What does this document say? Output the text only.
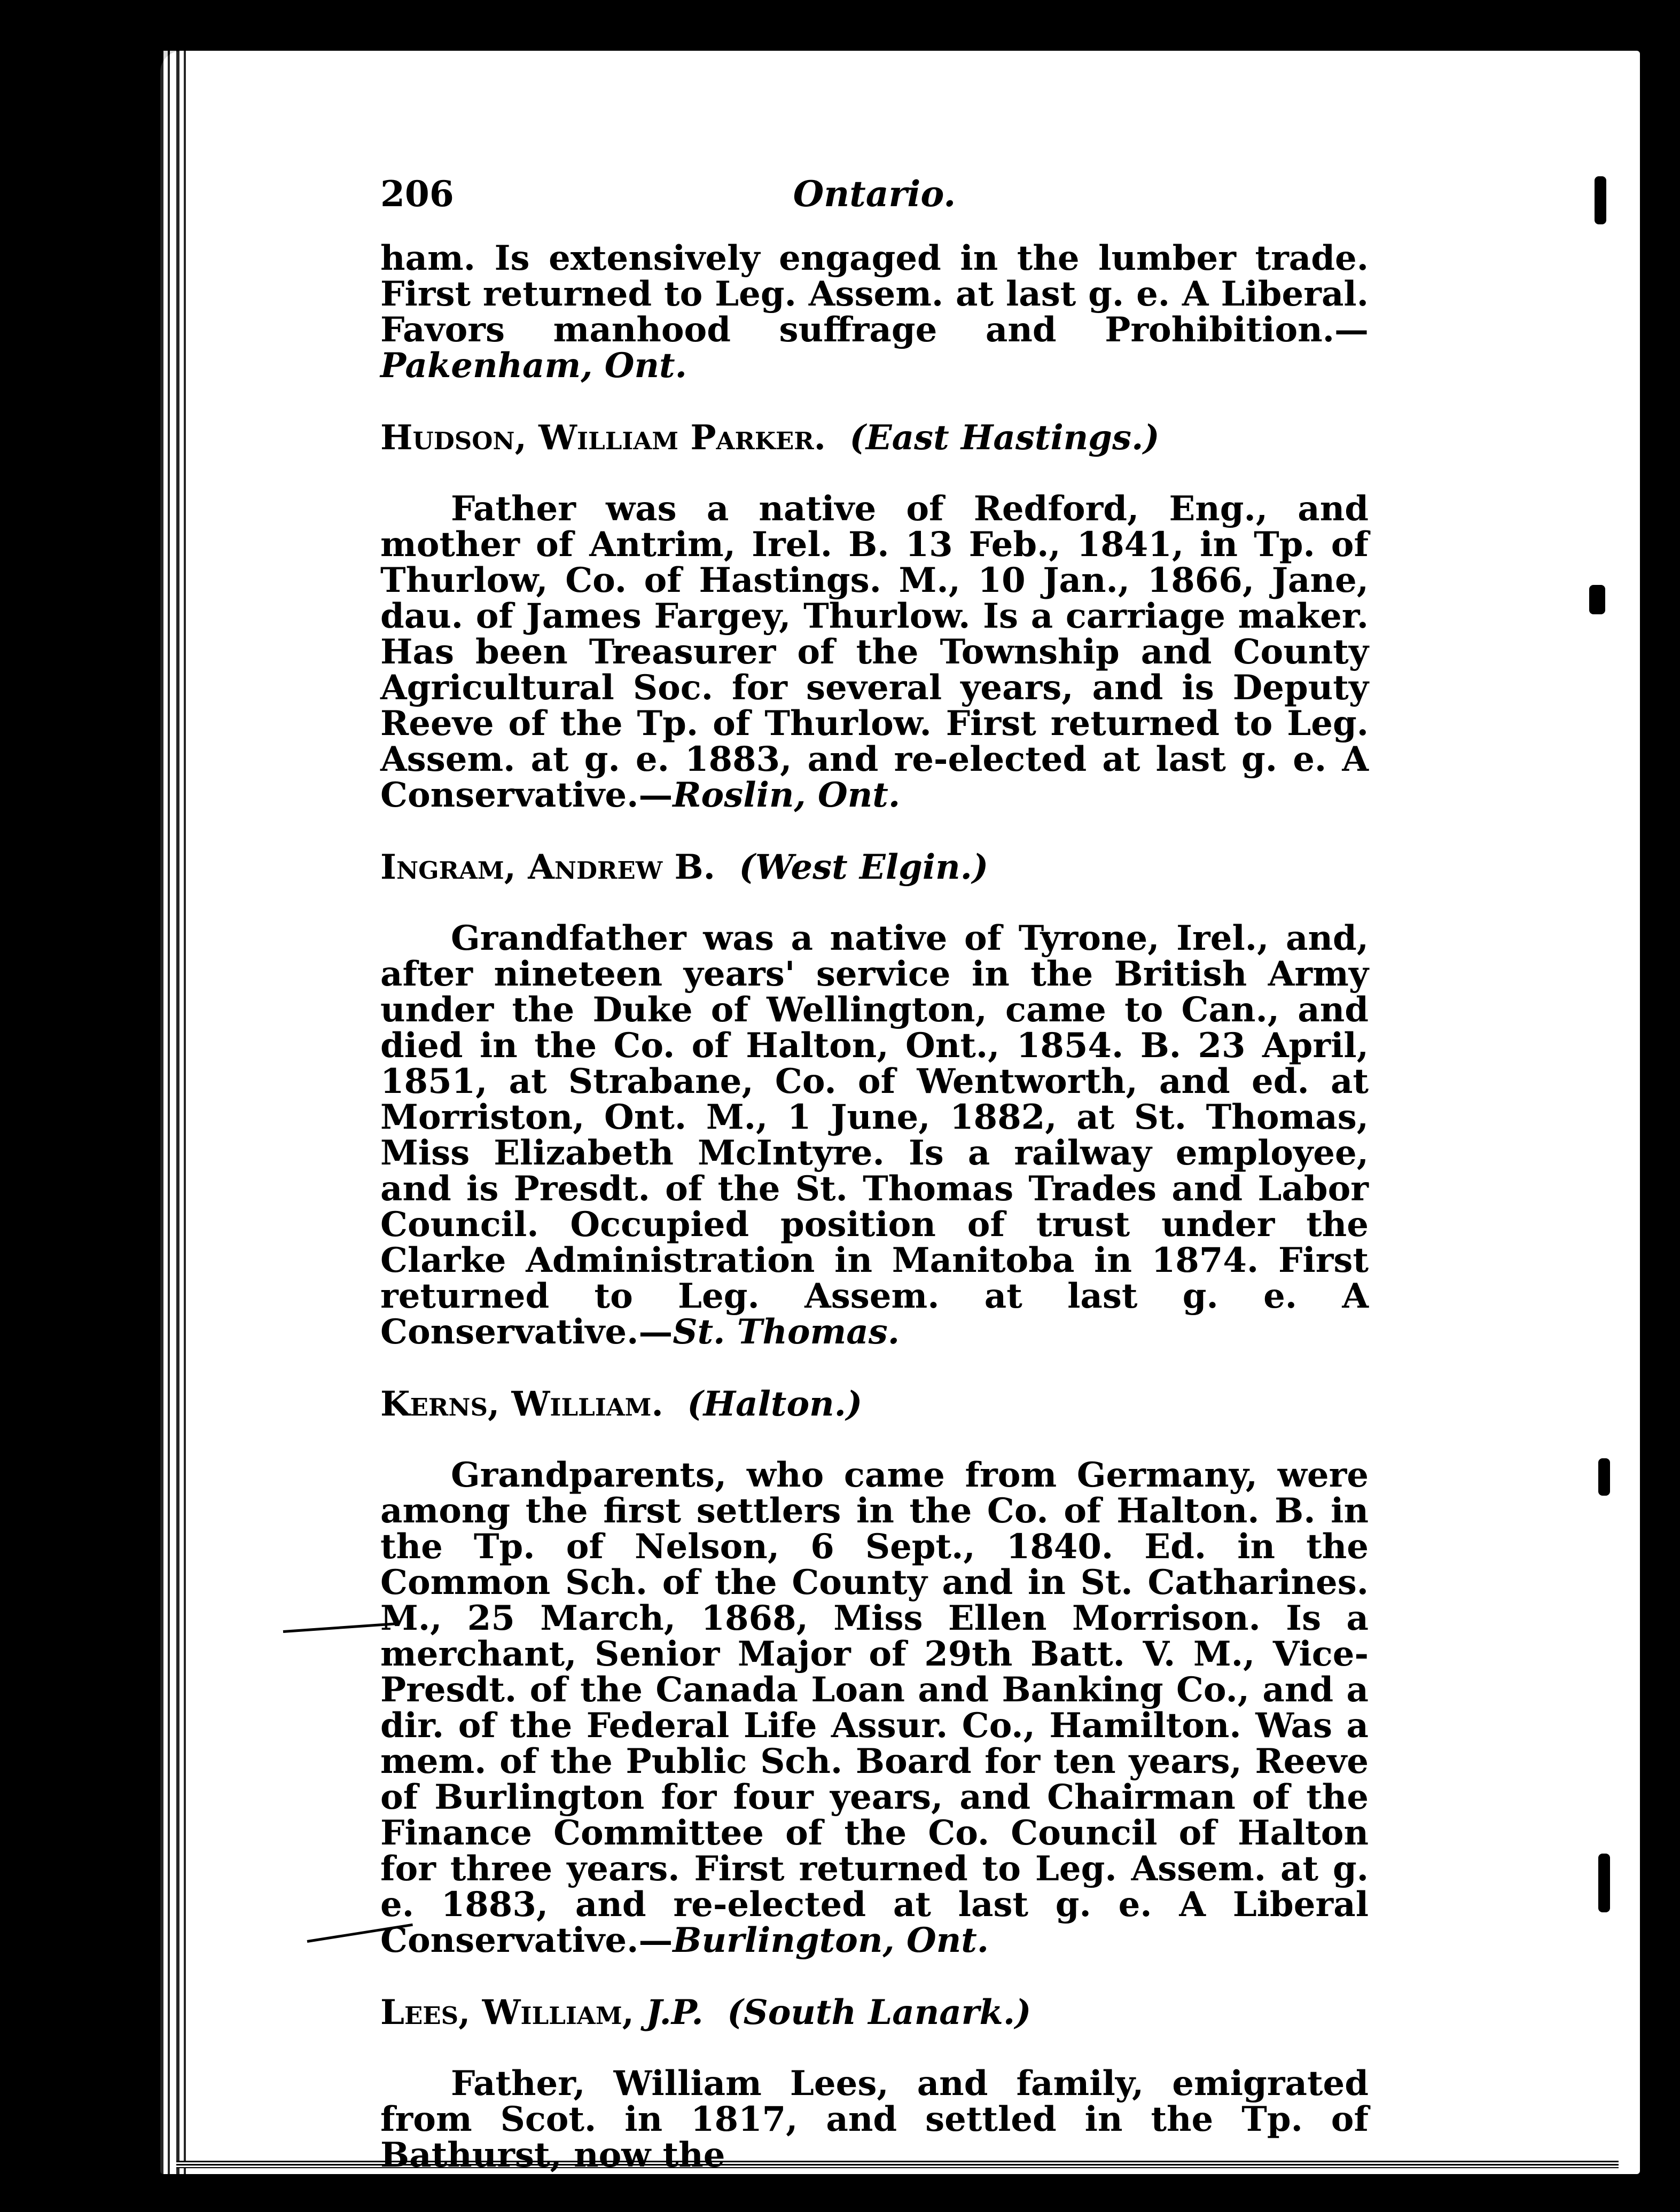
206	Ontario.

ham. Is extensively engaged in the lumber trade. First returned to Leg. Assem. at last g. e. A Liberal. Favors manhood suffrage and Prohibition.—Pakenham, Ont.

Hudson, William Parker. (East Hastings.)

Father was a native of Redford, Eng., and mother of Antrim, Irel. B. 13 Feb., 1841, in Tp. of Thurlow, Co. of Hastings. M., 10 Jan., 1866, Jane, dau. of James Fargey, Thurlow. Is a carriage maker. Has been Treasurer of the Township and County Agricultural Soc. for several years, and is Deputy Reeve of the Tp. of Thurlow. First returned to Leg. Assem. at g. e. 1883, and re-elected at last g. e. A Conservative.—Roslin, Ont.

Ingram, Andrew B. (West Elgin.)

Grandfather was a native of Tyrone, Irel., and, after nineteen years' service in the British Army under the Duke of Wellington, came to Can., and died in the Co. of Halton, Ont., 1854. B. 23 April, 1851, at Strabane, Co. of Wentworth, and ed. at Morriston, Ont. M., 1 June, 1882, at St. Thomas, Miss Elizabeth McIntyre. Is a railway employee, and is Presdt. of the St. Thomas Trades and Labor Council. Occupied position of trust under the Clarke Administration in Manitoba in 1874. First returned to Leg. Assem. at last g. e. A Conservative.—St. Thomas.

Kerns, William. (Halton.)

Grandparents, who came from Germany, were among the first settlers in the Co. of Halton. B. in the Tp. of Nelson, 6 Sept., 1840. Ed. in the Common Sch. of the County and in St. Catharines. M., 25 March, 1868, Miss Ellen Morrison. Is a merchant, Senior Major of 29th Batt. V. M., Vice-Presdt. of the Canada Loan and Banking Co., and a dir. of the Federal Life Assur. Co., Hamilton. Was a mem. of the Public Sch. Board for ten years, Reeve of Burlington for four years, and Chairman of the Finance Committee of the Co. Council of Halton for three years. First returned to Leg. Assem. at g. e. 1883, and re-elected at last g. e. A Liberal Conservative.—Burlington, Ont.

Lees, William, J.P. (South Lanark.)

Father, William Lees, and family, emigrated from Scot. in 1817, and settled in the Tp. of Bathurst, now the
